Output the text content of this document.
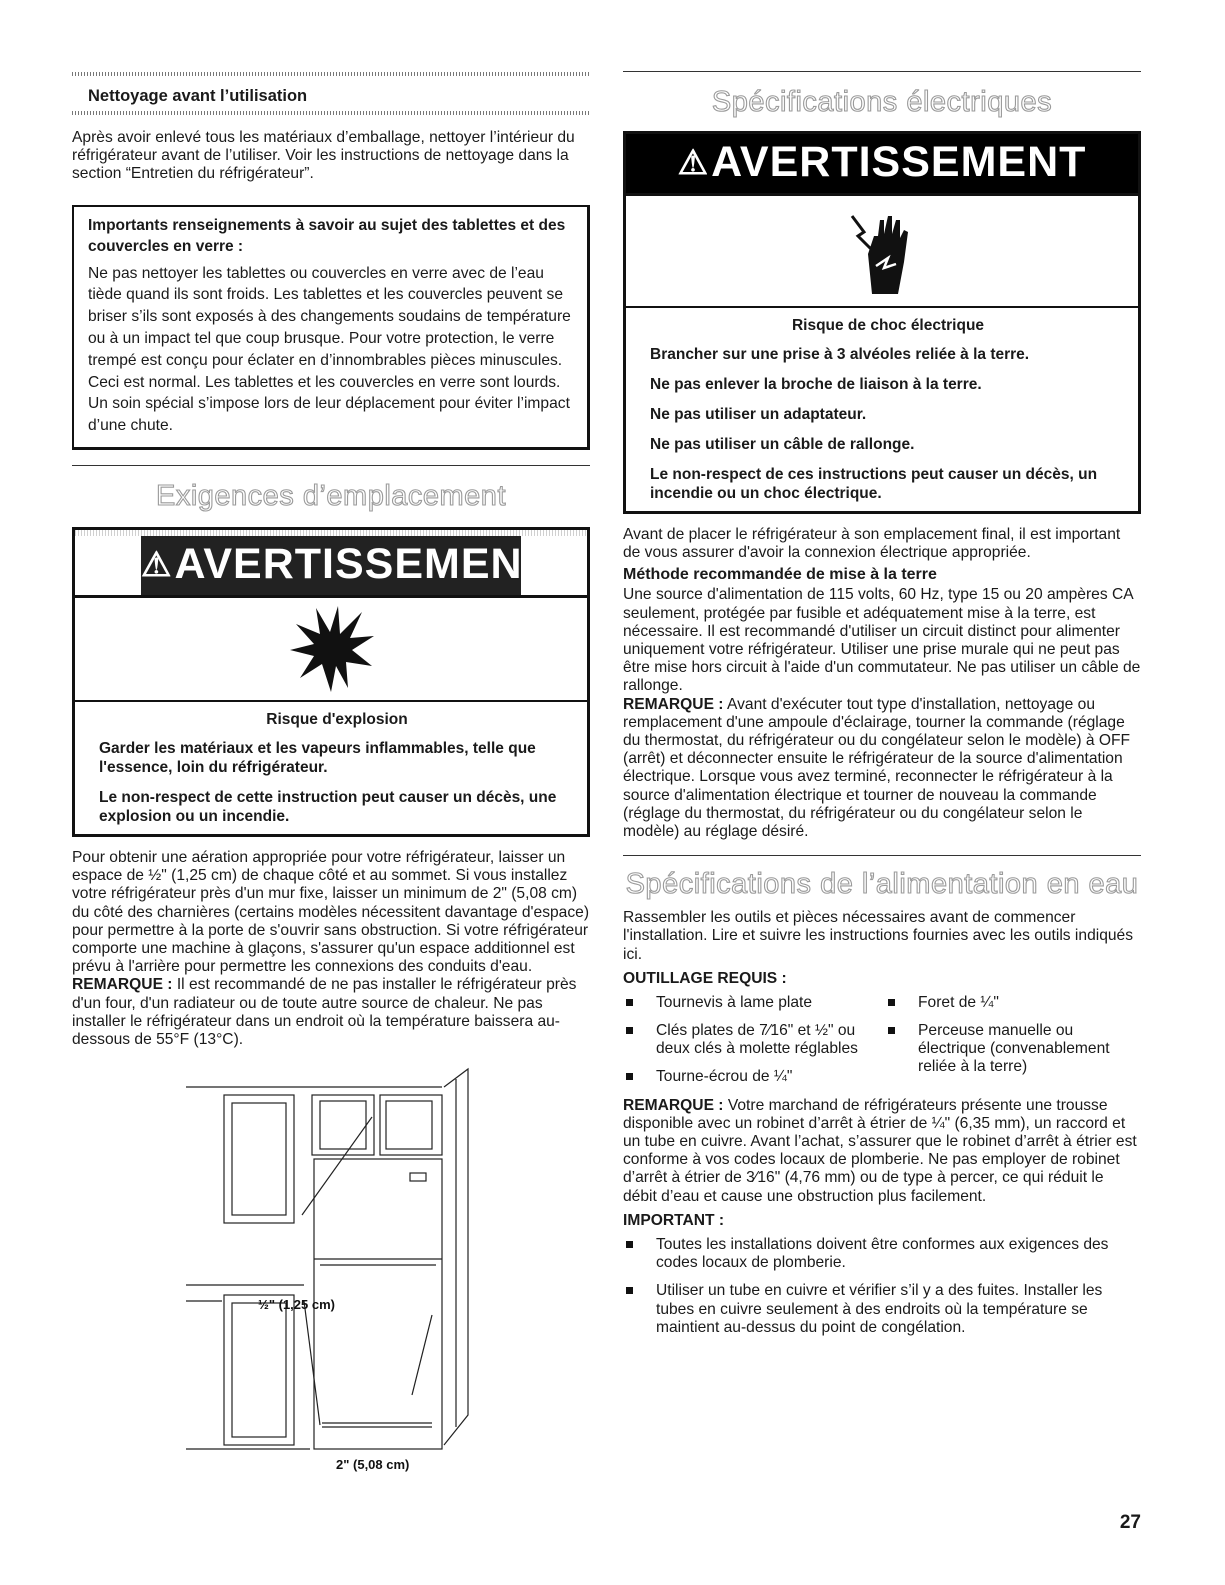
Nettoyage avant l’utilisation

Après avoir enlevé tous les matériaux d’emballage, nettoyer l’intérieur du réfrigérateur avant de l’utiliser. Voir les instructions de nettoyage dans la section “Entretien du réfrigérateur”.

Importants renseignements à savoir au sujet des tablettes et des couvercles en verre :
Ne pas nettoyer les tablettes ou couvercles en verre avec de l’eau tiède quand ils sont froids. Les tablettes et les couvercles peuvent se briser s’ils sont exposés à des changements soudains de température ou à un impact tel que coup brusque. Pour votre protection, le verre trempé est conçu pour éclater en d’innombrables pièces minuscules. Ceci est normal. Les tablettes et les couvercles en verre sont lourds. Un soin spécial s’impose lors de leur déplacement pour éviter l’impact d’une chute.
Exigences d’emplacement
⚠AVERTISSEMENT
Risque d'explosion
Garder les matériaux et les vapeurs inflammables, telle que l'essence, loin du réfrigérateur.
Le non-respect de cette instruction peut causer un décès, une explosion ou un incendie.

Pour obtenir une aération appropriée pour votre réfrigérateur, laisser un espace de ½" (1,25 cm) de chaque côté et au sommet. Si vous installez votre réfrigérateur près d'un mur fixe, laisser un minimum de 2" (5,08 cm) du côté des charnières (certains modèles nécessitent davantage d'espace) pour permettre à la porte de s'ouvrir sans obstruction. Si votre réfrigérateur comporte une machine à glaçons, s'assurer qu'un espace additionnel est prévu à l'arrière pour permettre les connexions des conduits d'eau.

REMARQUE : Il est recommandé de ne pas installer le réfrigérateur près d'un four, d'un radiateur ou de toute autre source de chaleur. Ne pas installer le réfrigérateur dans un endroit où la température baissera au-dessous de 55°F (13°C).

½" (1,25 cm)
2" (5,08 cm)
Spécifications électriques
⚠AVERTISSEMENT
Risque de choc électrique
Brancher sur une prise à 3 alvéoles reliée à la terre.
Ne pas enlever la broche de liaison à la terre.
Ne pas utiliser un adaptateur.
Ne pas utiliser un câble de rallonge.
Le non-respect de ces instructions peut causer un décès, un incendie ou un choc électrique.

Avant de placer le réfrigérateur à son emplacement final, il est important de vous assurer d'avoir la connexion électrique appropriée.

Méthode recommandée de mise à la terre

Une source d'alimentation de 115 volts, 60 Hz, type 15 ou 20 ampères CA seulement, protégée par fusible et adéquatement mise à la terre, est nécessaire. Il est recommandé d'utiliser un circuit distinct pour alimenter uniquement votre réfrigérateur. Utiliser une prise murale qui ne peut pas être mise hors circuit à l'aide d'un commutateur. Ne pas utiliser un câble de rallonge.

REMARQUE : Avant d'exécuter tout type d'installation, nettoyage ou remplacement d'une ampoule d'éclairage, tourner la commande (réglage du thermostat, du réfrigérateur ou du congélateur selon le modèle) à OFF (arrêt) et déconnecter ensuite le réfrigérateur de la source d'alimentation électrique. Lorsque vous avez terminé, reconnecter le réfrigérateur à la source d'alimentation électrique et tourner de nouveau la commande (réglage du thermostat, du réfrigérateur ou du congélateur selon le modèle) au réglage désiré.

Spécifications de l’alimentation en eau

Rassembler les outils et pièces nécessaires avant de commencer l'installation. Lire et suivre les instructions fournies avec les outils indiqués ici.

OUTILLAGE REQUIS :
Tournevis à lame plate
Clés plates de 7⁄16" et ½" ou deux clés à molette réglables
Tourne-écrou de ¼"
Foret de ¼"
Perceuse manuelle ou électrique (convenablement reliée à la terre)

REMARQUE : Votre marchand de réfrigérateurs présente une trousse disponible avec un robinet d’arrêt à étrier de ¼" (6,35 mm), un raccord et un tube en cuivre. Avant l’achat, s’assurer que le robinet d’arrêt à étrier est conforme à vos codes locaux de plomberie. Ne pas employer de robinet d’arrêt à étrier de 3⁄16" (4,76 mm) ou de type à percer, ce qui réduit le débit d’eau et cause une obstruction plus facilement.

IMPORTANT :
Toutes les installations doivent être conformes aux exigences des codes locaux de plomberie.
Utiliser un tube en cuivre et vérifier s’il y a des fuites. Installer les tubes en cuivre seulement à des endroits où la température se maintient au-dessus du point de congélation.
27
